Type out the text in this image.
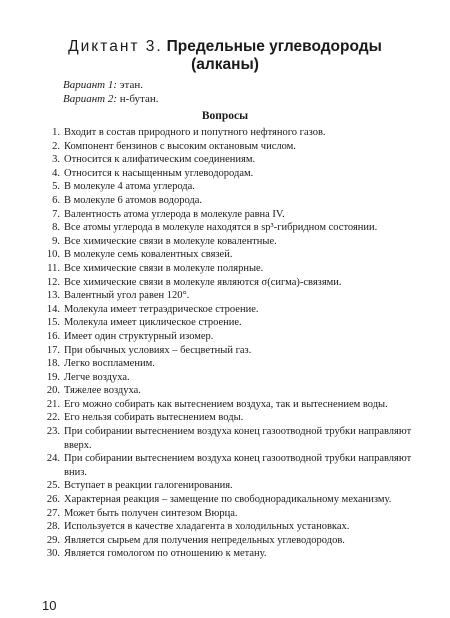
Диктант 3. Предельные углеводороды
(алканы)
Вариант 1: этан.
Вариант 2: н-бутан.
Вопросы
1. Входит в состав природного и попутного нефтяного газов.
2. Компонент бензинов с высоким октановым числом.
3. Относится к алифатическим соединениям.
4. Относится к насыщенным углеводородам.
5. В молекуле 4 атома углерода.
6. В молекуле 6 атомов водорода.
7. Валентность атома углерода в молекуле равна IV.
8. Все атомы углерода в молекуле находятся в sp³-гибридном состоянии.
9. Все химические связи в молекуле ковалентные.
10. В молекуле семь ковалентных связей.
11. Все химические связи в молекуле полярные.
12. Все химические связи в молекуле являются σ(сигма)-связями.
13. Валентный угол равен 120°.
14. Молекула имеет тетраэдрическое строение.
15. Молекула имеет циклическое строение.
16. Имеет один структурный изомер.
17. При обычных условиях – бесцветный газ.
18. Легко воспламеним.
19. Легче воздуха.
20. Тяжелее воздуха.
21. Его можно собирать как вытеснением воздуха, так и вытеснением воды.
22. Его нельзя собирать вытеснением воды.
23. При собирании вытеснением воздуха конец газоотводной трубки направляют вверх.
24. При собирании вытеснением воздуха конец газоотводной трубки направляют вниз.
25. Вступает в реакции галогенирования.
26. Характерная реакция – замещение по свободнорадикальному механизму.
27. Может быть получен синтезом Вюрца.
28. Используется в качестве хладагента в холодильных установках.
29. Является сырьем для получения непредельных углеводородов.
30. Является гомологом по отношению к метану.
10
